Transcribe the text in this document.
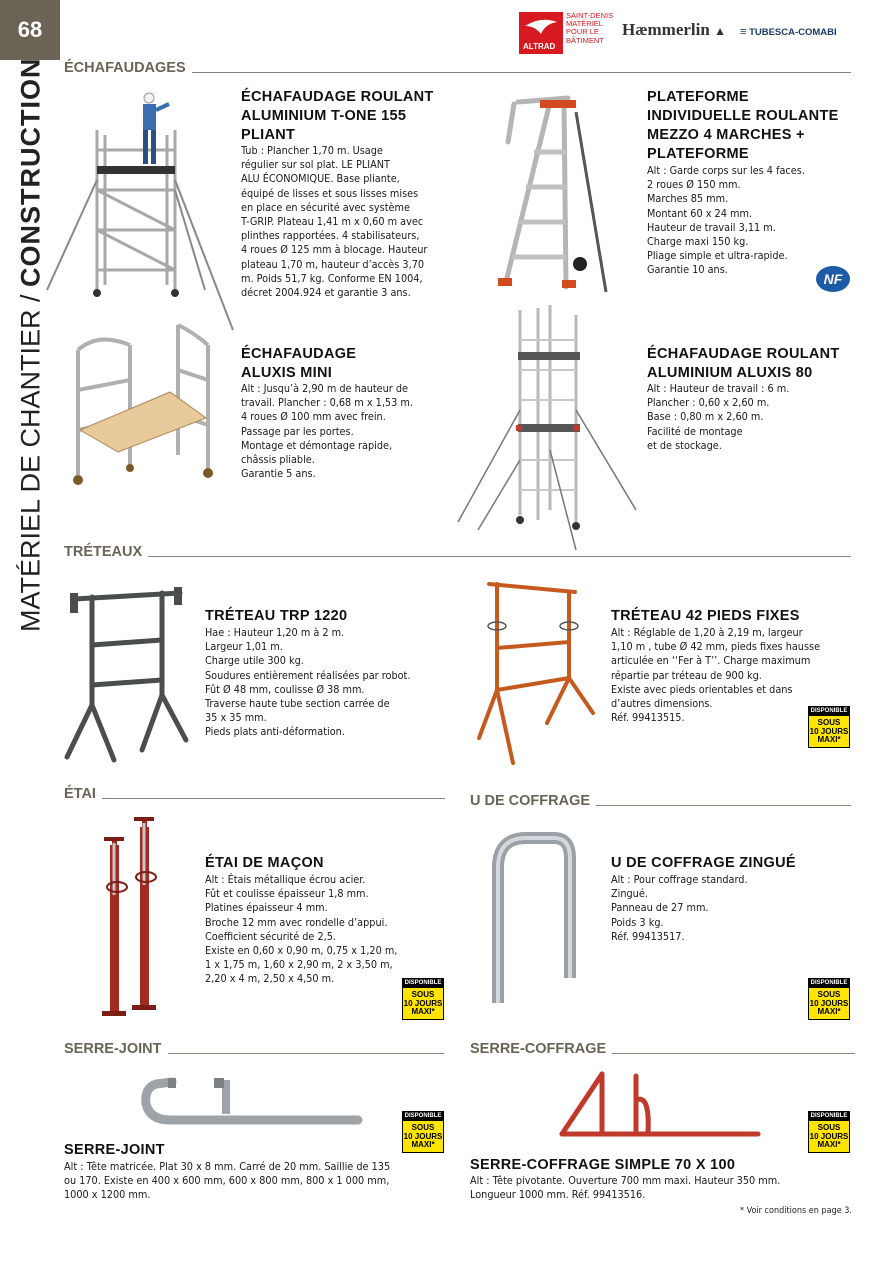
68
MATÉRIEL DE CHANTIER

/

CONSTRUCTION
ALTRAD
SAINT-DENIS
MATÉRIEL
POUR LE
BÂTIMENT
Hæmmerlin ▲ ≡ TUBESCA-COMABI
ÉCHAFAUDAGES
ÉCHAFAUDAGE ROULANT
ALUMINIUM T-ONE 155
PLIANT
Tub : Plancher 1,70 m. Usage
régulier sur sol plat. LE PLIANT
ALU ÉCONOMIQUE. Base pliante,
équipé de lisses et sous lisses mises
en place en sécurité avec système
T-GRIP. Plateau 1,41 m x 0,60 m avec
plinthes rapportées. 4 stabilisateurs,
4 roues Ø 125 mm à blocage. Hauteur
plateau 1,70 m, hauteur d’accès 3,70
m. Poids 51,7 kg. Conforme EN 1004,
décret 2004.924 et garantie 3 ans.
PLATEFORME
INDIVIDUELLE ROULANTE
MEZZO 4 MARCHES +
PLATEFORME
Alt : Garde corps sur les 4 faces.
2 roues Ø 150 mm.
Marches 85 mm.
Montant 60 x 24 mm.
Hauteur de travail 3,11 m.
Charge maxi 150 kg.
Pliage simple et ultra-rapide.
Garantie 10 ans.
NF
ÉCHAFAUDAGE
ALUXIS MINI
Alt : Jusqu’à 2,90 m de hauteur de
travail. Plancher : 0,68 m x 1,53 m.
4 roues Ø 100 mm avec frein.
Passage par les portes.
Montage et démontage rapide,
châssis pliable.
Garantie 5 ans.
ÉCHAFAUDAGE ROULANT
ALUMINIUM ALUXIS 80
Alt : Hauteur de travail : 6 m.
Plancher : 0,60 x 2,60 m.
Base : 0,80 m x 2,60 m.
Facilité de montage
et de stockage.
TRÉTEAUX
TRÉTEAU TRP 1220
Hae : Hauteur 1,20 m à 2 m.
Largeur 1,01 m.
Charge utile 300 kg.
Soudures entièrement réalisées par robot.
Fût Ø 48 mm, coulisse Ø 38 mm.
Traverse haute tube section carrée de
35 x 35 mm.
Pieds plats anti-déformation.
TRÉTEAU 42 PIEDS FIXES
Alt : Réglable de 1,20 à 2,19 m, largeur
1,10 m , tube Ø 42 mm, pieds fixes hausse
articulée en ‘‘Fer à T’’. Charge maximum
répartie par tréteau de 900 kg.
Existe avec pieds orientables et dans
d’autres dimensions.
Réf. 99413515.
DISPONIBLE
SOUS
10 JOURS
MAXI*
ÉTAI
ÉTAI DE MAÇON
Alt : Étais métallique écrou acier.
Fût et coulisse épaisseur 1,8 mm.
Platines épaisseur 4 mm.
Broche 12 mm avec rondelle d’appui.
Coefficient sécurité de 2,5.
Existe en 0,60 x 0,90 m, 0,75 x 1,20 m,
1 x 1,75 m, 1,60 x 2,90 m, 2 x 3,50 m,
2,20 x 4 m, 2,50 x 4,50 m.	DISPONIBLE
SOUS
10 JOURS
MAXI*
U DE COFFRAGE
U DE COFFRAGE ZINGUÉ
Alt : Pour coffrage standard.
Zingué.
Panneau de 27 mm.
Poids 3 kg.
Réf. 99413517.
DISPONIBLE
SOUS
10 JOURS
MAXI*
SERRE-JOINT
DISPONIBLE
SOUS
10 JOURS
MAXI*
SERRE-JOINT
Alt : Tête matricée. Plat 30 x 8 mm. Carré de 20 mm. Saillie de 135
ou 170. Existe en 400 x 600 mm, 600 x 800 mm, 800 x 1 000 mm,
1000 x 1200 mm.
SERRE-COFFRAGE
DISPONIBLE
SOUS
10 JOURS
MAXI*
SERRE-COFFRAGE SIMPLE 70 X 100
Alt : Tête pivotante. Ouverture 700 mm maxi. Hauteur 350 mm.
Longueur 1000 mm. Réf. 99413516.
* Voir conditions en page 3.
